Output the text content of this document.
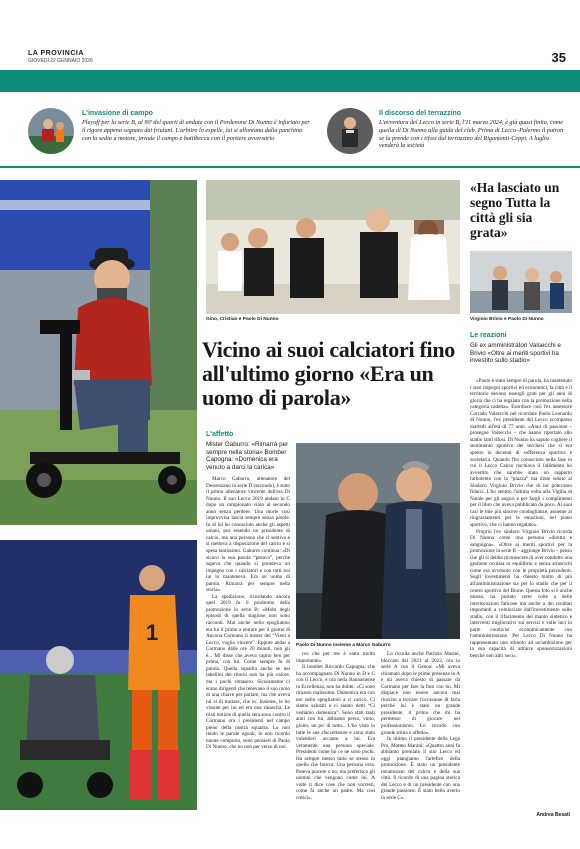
LA PROVINCIA
GIOVEDÌ 22 GENNAIO 2026	35
L'invasione di campo
Playoff per la serie B, al 90' del quarti di andata con il Pordenone Di Nunno è infuriato per il rigore appena segnato dai friulani. L'arbitro lo espelle, lui si allontana dalla panchina con la sedia a motore, invade il campo e battibecca con il portiere avversario
Il discorso del terrazzino
L'avventura del Lecco in serie B, l'11 marzo 2024, è già quasi finita, come quella di Di Nunno alla guida del club. Prima di Lecco–Palermo il patron se la prende con i tifosi dal terrazzino del Rigamonti-Ceppi. A luglio venderà la società
1
Gino, Cristian e Paolo Di Nunno
«Ha lasciato un segno Tutta la città gli sia grata»
Virginio Brivio e Paolo Di Nunno
Le reazioni
Gli ex amministratori Valsecchi e Brivio «Oltre ai meriti sportivi ha investito sullo stadio»
Vicino ai suoi calciatori fino all'ultimo giorno «Era un uomo di parola»
L'affetto
Mister Gaburro: «Rimarrà per sempre nella storia» Bomber Capogna: «Domenica era venuto a darci la carica»
Paolo Di Nunno insieme a Marco Gaburro

Marco Gaburro, allenatore del Dessenzano in serie D (secondo), è stato il primo allenatore vincente dell'era Di Nunno. Il suo Lecco 2019 andato in C dopo un campionato vinto al secondo anno senza perdere. Una morte così improvvisa lascia sempre senza parole. Io di lui ho conosciuto anche gli aspetti umani, pur essendo un presidente di calcio, ma una persona che ci sentiva e si metteva a disposizione del calcio e si spesa tantissimo. Gaburro continua: «Di sicuro la sua parola “pesava”, perché sapeva che quando si prendeva un impegno con i calciatori e con tutti noi lui lo manteneva. Era un uomo di parola. Rimarrà per sempre nella storia».

La spedizione, ricordando ancora quel 2019 fu il prodromo della promozione in serie B: «Molti degli episodi di quella stagione non sono racconti. Mai anche nello spogliatoio era lui il primo a entrare per il giorno di Ancona Cormano il mister del “Vieni a Lecco, voglio vincere”. Eppure andai a Cormano dalle ore 20 minuti, non gli è... Mi disse che aveva capito ben per prima, con lui. Come sempre fu di parola. Quella squadra anche se nei tabellini dei ritorni non ha più valore, ma i pochi rimasero. Sicuramente ci erano dirigenti che tenevano il suo ruolo di una chiave per parlare, ma che aveva lui si di trattare, che io: Insieme, le ho vissute per lui ed era una rinascita. Le tristi notizie di quella sera sono contro il Cormano ora i presidenti nel campo pieno della nostra squadra. Lo non rendo le parole uguali, lo non ricordo niente comporta, sono pensieri di Paolo Di Nunno, che no non per verso di noi.

ivo che per me è stato molto importante».

Il bomber Riccardo Capogna, che ha accompagnato Di Nunno in D e C con il Lecco, e ora nella Bannasiense in Eccellenza, non ha dubbi: «Ci sono rimasto malissimo. Domenica era con noi nello spogliatoio a ci caricò. Ci siamo salutati e ci siamo detti “Ci vediamo domenica”. Sono stati tanti anni con lui, abbiamo perso, vinto, gioito, un po' di tutto... L'ho visto in tutte le sue sfaccettature e sono stato volentieri accanto a lui. Era veramente una persona speciale. Presidenti come lui ce ne sono pochi. Ha sempre messo tutto se stesso in quello che faceva. Una persona vera. Poteva piacere o no, ma preferisco gli uomini che vengono come lui. A volte ti dice cose che non vorresti, come fa anche un padre. Ma così cresci».

Lo ricorda anche Patrizio Masini, bloccato dal 2021 al 2022, ora in serie A con il Genoa: «Mi aveva chiamato dopo le prime presenze in A e mi aveva chiesto di passare da Cormano per fare la foto con lui. Mi dispiace non essere ancora mai riuscito a trovare l'occasione di farla perché lui è stato un grande presidente, il primo che mi ha permesso di giocare nel professionismo. Lo ricordo con grande stima e affetto».

In ultimo il presidente della Lega Pro, Matteo Marani: «Quattro anni fa abbiamo premiato il suo Lecco ed oggi piangiamo l'artefice della promozione. È stato un presidente innamorato del calcio e della sua città. Il ricordo di una pagina storica del Lecco e di un presidente con una grande passione. È stato bello averlo in serie C».

«Paolo è stato sempre di parola, ha mantenuto i suoi impegni sportivi ed economici, la città e il territorio devono essergli grati per gli anni di gloria che ci ha regalato con la promozione nella categoria cadetta». Esordisce così l'ex assessore Corrado Valsecchi nel ricordare Paolo Leonardo di Nunno, l'ex presidente del Lecco scomparso martedì all'età di 77 anni. «Anni di passione – prosegue Valsecchi – che hanno riportato allo stadio tanti tifosi. Di Nunno ha saputo cogliere il sentimento sportivo dei lecchesi che si era spento in decenni di sofferenza sportiva e societaria. Quando l'ho conosciuto nella fase in cui il Lecco Calcio rischiava il fallimento ho avvertito che sarebbe stato un rapporto turbolento con la “piazza” ma disse subito al Sindaco Virginio Brivio che di lui potevamo fidarci. L'ho sentito l'ultima volta alla Vigilia di Natale per gli auguri e per fargli i complimenti per il libro che aveva pubblicato da poco. Ai suoi cari le mie più sincere condoglianze, assieme ai ringraziamenti per le emozioni, nel piano sportivo, che ci hanno regalato».

Proprio l'ex sindaco Virginio Brivio ricorda Di Nunno come una persona «diretta e sanguigna». «Oltre ai meriti sportivi per la promozione in serie B – aggiunge Brivio – penso che gli si debba riconoscere di aver condotto una gestione oculata in equilibrio e senza strascichi come era avvenuto con le proprietà precedenti. Sugli investimenti ha chiesto molto di più all'amministrazione sia per lo stadio che per il centro sportivo del Bione. Questa foto si è anche mosso, ha portato certe volte a delle interlocuzioni faticose ma anche a dei risultati importanti a cominciare dall'investimento sullo stadio, con il rifacimento del manto sintetico e interventi migliorativi sui servizi e sulle luci in parte condivisi economicamente con l'amministrazione. Per Lecco Di Nunno ha rappresentato uno stimolo ad un'ambizione per la sua capacità di attrarre sponsorizzazioni benché non altri soci».

Andrea Besati
